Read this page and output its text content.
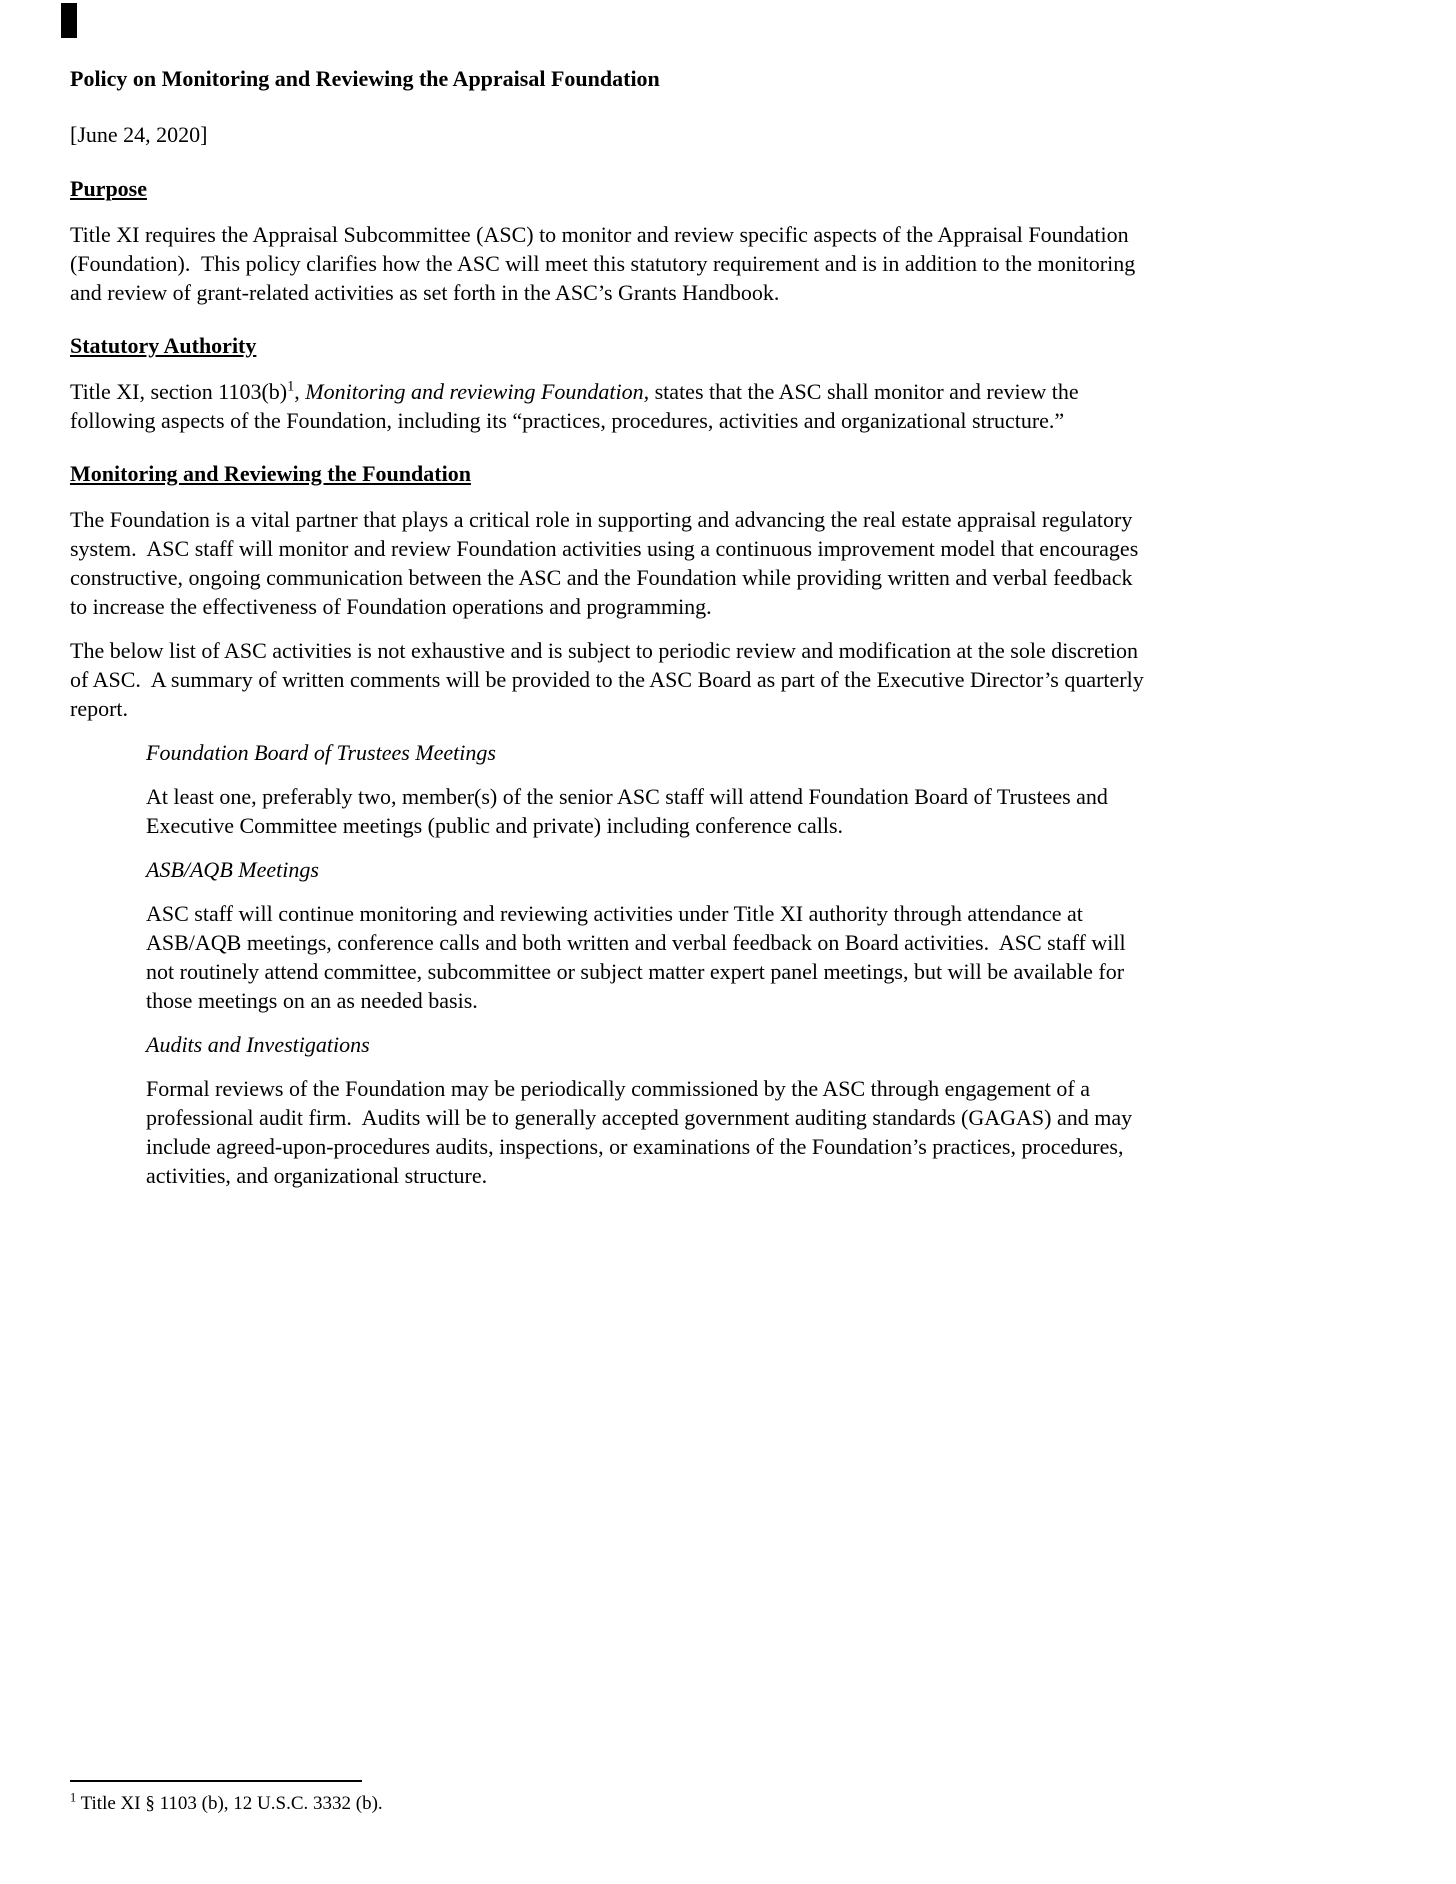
Policy on Monitoring and Reviewing the Appraisal Foundation

[June 24, 2020]

Purpose

Title XI requires the Appraisal Subcommittee (ASC) to monitor and review specific aspects of the Appraisal Foundation (Foundation).  This policy clarifies how the ASC will meet this statutory requirement and is in addition to the monitoring and review of grant-related activities as set forth in the ASC’s Grants Handbook.

Statutory Authority

Title XI, section 1103(b)$^1$, Monitoring and reviewing Foundation, states that the ASC shall monitor and review the following aspects of the Foundation, including its “practices, procedures, activities and organizational structure.”

Monitoring and Reviewing the Foundation

The Foundation is a vital partner that plays a critical role in supporting and advancing the real estate appraisal regulatory system.  ASC staff will monitor and review Foundation activities using a continuous improvement model that encourages constructive, ongoing communication between the ASC and the Foundation while providing written and verbal feedback to increase the effectiveness of Foundation operations and programming.

The below list of ASC activities is not exhaustive and is subject to periodic review and modification at the sole discretion of ASC.  A summary of written comments will be provided to the ASC Board as part of the Executive Director’s quarterly report.

Foundation Board of Trustees Meetings

At least one, preferably two, member(s) of the senior ASC staff will attend Foundation Board of Trustees and Executive Committee meetings (public and private) including conference calls.

ASB/AQB Meetings

ASC staff will continue monitoring and reviewing activities under Title XI authority through attendance at ASB/AQB meetings, conference calls and both written and verbal feedback on Board activities.  ASC staff will not routinely attend committee, subcommittee or subject matter expert panel meetings, but will be available for those meetings on an as needed basis.

Audits and Investigations

Formal reviews of the Foundation may be periodically commissioned by the ASC through engagement of a professional audit firm.  Audits will be to generally accepted government auditing standards (GAGAS) and may include agreed-upon-procedures audits, inspections, or examinations of the Foundation’s practices, procedures, activities, and organizational structure.

$^1$ Title XI § 1103 (b), 12 U.S.C. 3332 (b).
